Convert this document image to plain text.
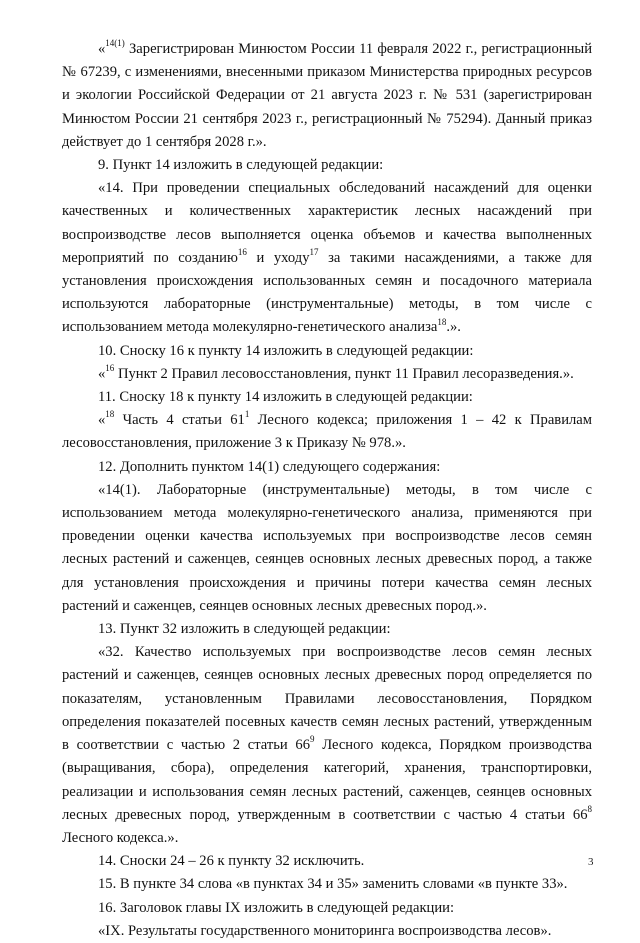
«$^{14(1)}$ Зарегистрирован Минюстом России 11 февраля 2022 г., регистрационный № 67239, с изменениями, внесенными приказом Министерства природных ресурсов и экологии Российской Федерации от 21 августа 2023 г. № 531 (зарегистрирован Минюстом России 21 сентября 2023 г., регистрационный № 75294). Данный приказ действует до 1 сентября 2028 г.».

9. Пункт 14 изложить в следующей редакции:

«14. При проведении специальных обследований насаждений для оценки качественных и количественных характеристик лесных насаждений при воспроизводстве лесов выполняется оценка объемов и качества выполненных мероприятий по созданию$^{16}$ и уходу$^{17}$ за такими насаждениями, а также для установления происхождения использованных семян и посадочного материала используются лабораторные (инструментальные) методы, в том числе с использованием метода молекулярно-генетического анализа$^{18}$.».

10. Сноску 16 к пункту 14 изложить в следующей редакции:

«$^{16}$ Пункт 2 Правил лесовосстановления, пункт 11 Правил лесоразведения.».

11. Сноску 18 к пункту 14 изложить в следующей редакции:

«$^{18}$ Часть 4 статьи $61^1$ Лесного кодекса; приложения 1 – 42 к Правилам лесовосстановления, приложение 3 к Приказу № 978.».

12. Дополнить пунктом 14(1) следующего содержания:

«14(1). Лабораторные (инструментальные) методы, в том числе с использованием метода молекулярно-генетического анализа, применяются при проведении оценки качества используемых при воспроизводстве лесов семян лесных растений и саженцев, сеянцев основных лесных древесных пород, а также для установления происхождения и причины потери качества семян лесных растений и саженцев, сеянцев основных лесных древесных пород.».

13. Пункт 32 изложить в следующей редакции:

«32. Качество используемых при воспроизводстве лесов семян лесных растений и саженцев, сеянцев основных лесных древесных пород определяется по показателям, установленным Правилами лесовосстановления, Порядком определения показателей посевных качеств семян лесных растений, утвержденным в соответствии с частью 2 статьи $66^9$ Лесного кодекса, Порядком производства (выращивания, сбора), определения категорий, хранения, транспортировки, реализации и использования семян лесных растений, саженцев, сеянцев основных лесных древесных пород, утвержденным в соответствии с частью 4 статьи $66^8$ Лесного кодекса.».

14. Сноски 24 – 26 к пункту 32 исключить.

15. В пункте 34 слова «в пунктах 34 и 35» заменить словами «в пункте 33».

16. Заголовок главы IX изложить в следующей редакции:

«IX. Результаты государственного мониторинга воспроизводства лесов».

3
